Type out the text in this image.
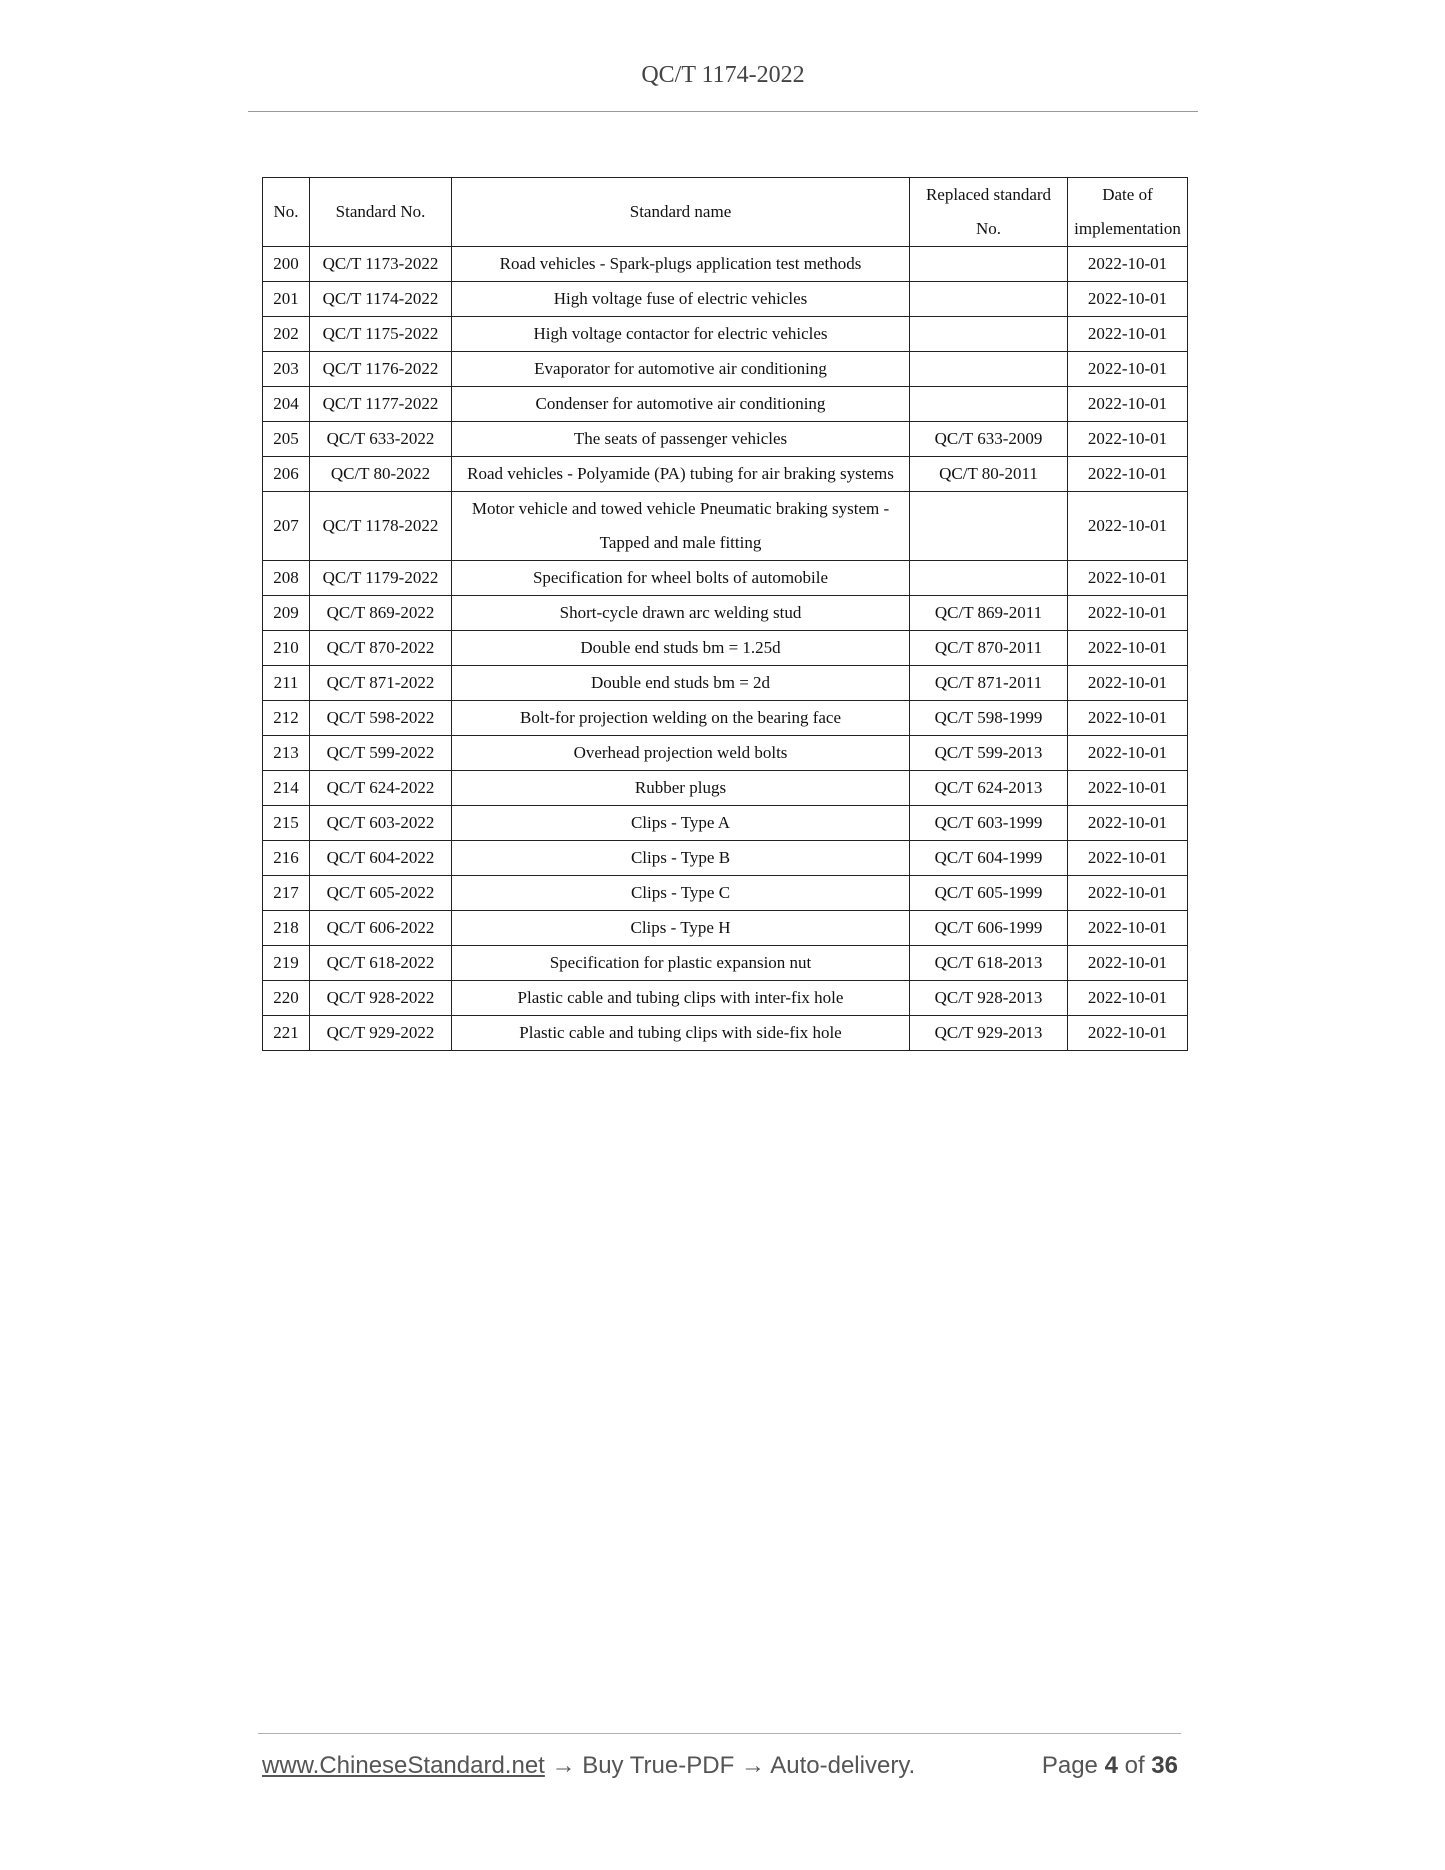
QC/T 1174-2022
No.	Standard No.	Standard name	Replaced standard No.	Date of implementation
200	QC/T 1173-2022	Road vehicles - Spark-plugs application test methods		2022-10-01
201	QC/T 1174-2022	High voltage fuse of electric vehicles		2022-10-01
202	QC/T 1175-2022	High voltage contactor for electric vehicles		2022-10-01
203	QC/T 1176-2022	Evaporator for automotive air conditioning		2022-10-01
204	QC/T 1177-2022	Condenser for automotive air conditioning		2022-10-01
205	QC/T 633-2022	The seats of passenger vehicles	QC/T 633-2009	2022-10-01
206	QC/T 80-2022	Road vehicles - Polyamide (PA) tubing for air braking systems	QC/T 80-2011	2022-10-01
207	QC/T 1178-2022	Motor vehicle and towed vehicle Pneumatic braking system - Tapped and male fitting		2022-10-01
208	QC/T 1179-2022	Specification for wheel bolts of automobile		2022-10-01
209	QC/T 869-2022	Short-cycle drawn arc welding stud	QC/T 869-2011	2022-10-01
210	QC/T 870-2022	Double end studs bm = 1.25d	QC/T 870-2011	2022-10-01
211	QC/T 871-2022	Double end studs bm = 2d	QC/T 871-2011	2022-10-01
212	QC/T 598-2022	Bolt-for projection welding on the bearing face	QC/T 598-1999	2022-10-01
213	QC/T 599-2022	Overhead projection weld bolts	QC/T 599-2013	2022-10-01
214	QC/T 624-2022	Rubber plugs	QC/T 624-2013	2022-10-01
215	QC/T 603-2022	Clips - Type A	QC/T 603-1999	2022-10-01
216	QC/T 604-2022	Clips - Type B	QC/T 604-1999	2022-10-01
217	QC/T 605-2022	Clips - Type C	QC/T 605-1999	2022-10-01
218	QC/T 606-2022	Clips - Type H	QC/T 606-1999	2022-10-01
219	QC/T 618-2022	Specification for plastic expansion nut	QC/T 618-2013	2022-10-01
220	QC/T 928-2022	Plastic cable and tubing clips with inter-fix hole	QC/T 928-2013	2022-10-01
221	QC/T 929-2022	Plastic cable and tubing clips with side-fix hole	QC/T 929-2013	2022-10-01
www.ChineseStandard.net → Buy True-PDF → Auto-delivery.	Page 4 of 36
